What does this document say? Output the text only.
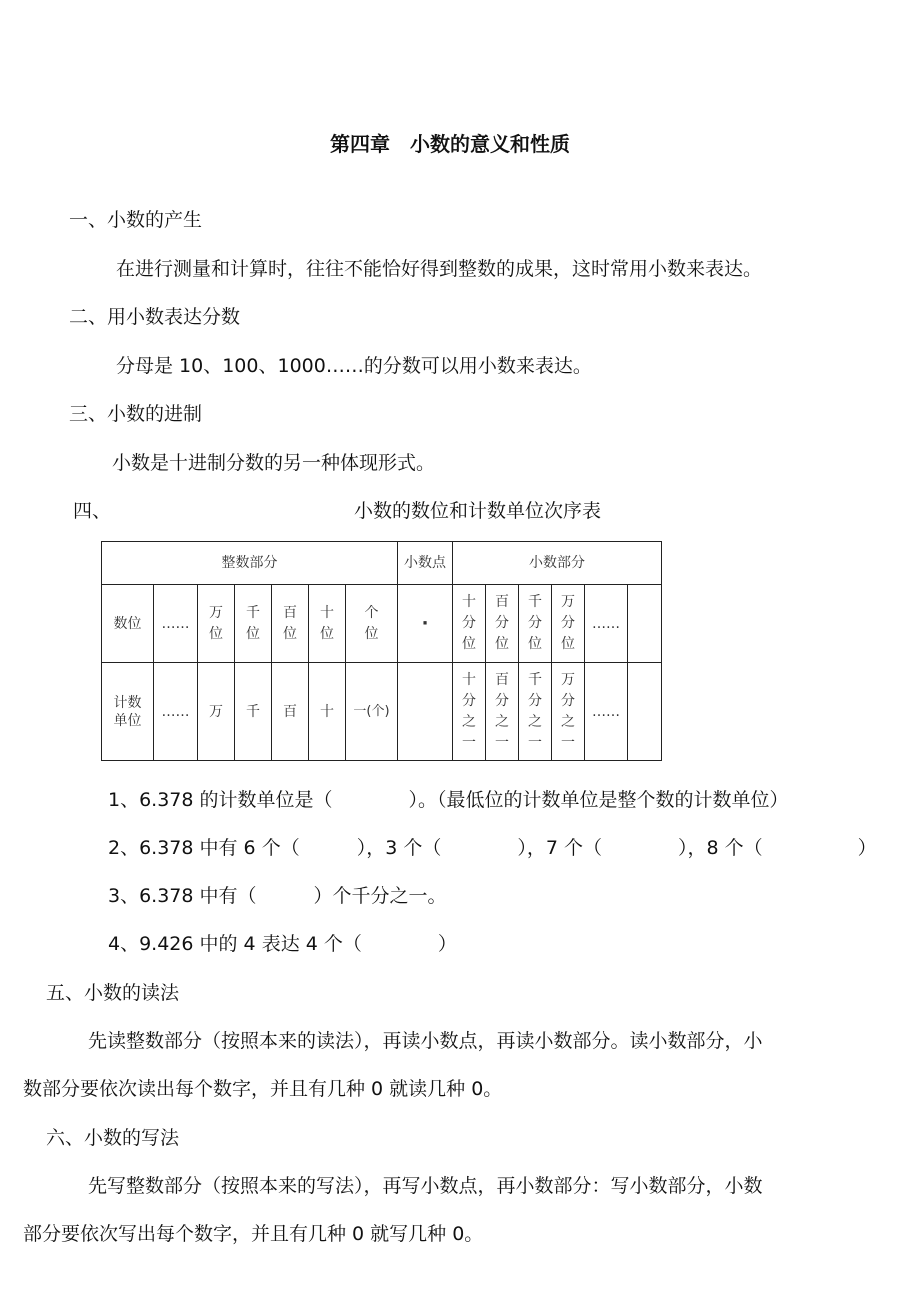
第四章　小数的意义和性质
一、小数的产生
在进行测量和计算时，往往不能恰好得到整数的成果，这时常用小数来表达。
二、用小数表达分数
分母是 10、100、1000……的分数可以用小数来表达。
三、小数的进制
小数是十进制分数的另一种体现形式。
四、	小数的数位和计数单位次序表
整数部分							小数点	小数部分					
数位	……	万位	千位	百位	十位	个位	·	十分位	百分位	千分位	万分位	……	
计数单位	……	万	千	百	十	一(个)		十分之一	百分之一	千分之一	万分之一	……	
1、6.378 的计数单位是（　　　　）。（最低位的计数单位是整个数的计数单位）
2、6.378 中有 6 个（　　　），3 个（　　　　），7 个（　　　　），8 个（　　　　　）
3、6.378 中有（　　　）个千分之一。
4、9.426 中的 4 表达 4 个（　　　　）
五、小数的读法
先读整数部分（按照本来的读法），再读小数点，再读小数部分。读小数部分，小
数部分要依次读出每个数字，并且有几种 0 就读几种 0。
六、小数的写法
先写整数部分（按照本来的写法），再写小数点，再小数部分：写小数部分，小数
部分要依次写出每个数字，并且有几种 0 就写几种 0。
